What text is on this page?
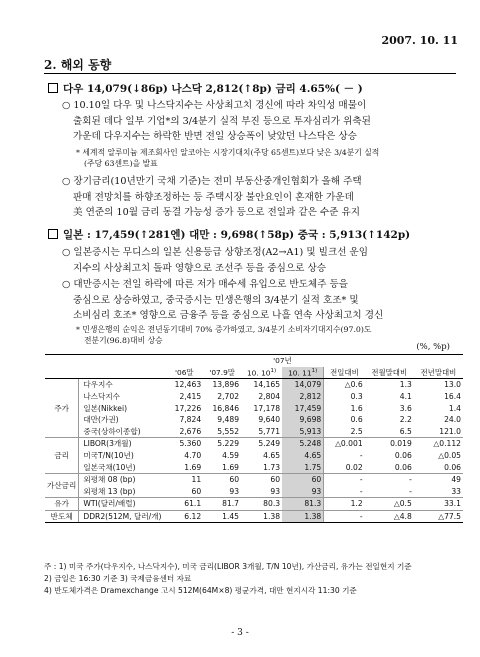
2007. 10. 11
2. 해외 동향
다우 14,079(↓86p) 나스닥 2,812(↑8p) 금리 4.65%( － )
○ 10.10일 다우 및 나스닥지수는 사상최고치 경신에 따라 차익성 매물이
출회된 데다 일부 기업*의 3/4분기 실적 부진 등으로 투자심리가 위축된
가운데 다우지수는 하락한 반면 전일 상승폭이 낮았던 나스닥은 상승
* 세계적 알루미늄 제조회사인 알코아는 시장기대치(주당 65센트)보다 낮은 3/4분기 실적
(주당 63센트)을 발표
○ 장기금리(10년만기 국채 기준)는 전미 부동산중개인협회가 올해 주택
판매 전망치를 하향조정하는 등 주택시장 불안요인이 혼재한 가운데
美 연준의 10월 금리 동결 가능성 증가 등으로 전일과 같은 수준 유지
일본 : 17,459(↑281엔) 대만 : 9,698(↑58p) 중국 : 5,913(↑142p)
○ 일본증시는 무디스의 일본 신용등급 상향조정(A2→A1) 및 빌크선 운임
지수의 사상최고치 돌파 영향으로 조선주 등을 중심으로 상승
○ 대만증시는 전일 하락에 따른 저가 매수세 유입으로 반도체주 등을
중심으로 상승하였고, 중국증시는 민생은행의 3/4분기 실적 호조* 및
소비심리 호조* 영향으로 금융주 등을 중심으로 나흘 연속 사상최고치 경신
* 민생은행의 순익은 전년동기대비 70% 증가하였고, 3/4분기 소비자기대지수(97.0)도
전분기(96.8)대비 상승
(%, %p)
				'07년				
		'06말	'07.9말	10. 10$^{1)}$	10. 11$^{1)}$	전일대비	전월말대비	전년말대비
주가	다우지수	12,463	13,896	14,165	14,079	△0.6	1.3	13.0
	나스닥지수	2,415	2,702	2,804	2,812	0.3	4.1	16.4
	일본(Nikkei)	17,226	16,846	17,178	17,459	1.6	3.6	1.4
	대만(가권)	7,824	9,489	9,640	9,698	0.6	2.2	24.0
	중국(상하이종합)	2,676	5,552	5,771	5,913	2.5	6.5	121.0
금리	LIBOR(3개월)	5.360	5.229	5.249	5.248	△0.001	0.019	△0.112
	미국T/N(10년)	4.70	4.59	4.65	4.65	-	0.06	△0.05
	일본국채(10년)	1.69	1.69	1.73	1.75	0.02	0.06	0.06
가산금리	외평채 08 (bp)	11	60	60	60	-	-	49
	외평채 13 (bp)	60	93	93	93	-	-	33
유가	WTI(달러/배럴)	61.1	81.7	80.3	81.3	1.2	△0.5	33.1
반도체	DDR2(512M, 달러/개)	6.12	1.45	1.38	1.38	-	△4.8	△77.5
주 : 1) 미국 주가(다우지수, 나스닥지수), 미국 금리(LIBOR 3개월, T/N 10년), 가산금리, 유가는 전일현지 기준
2) 금일은 16:30 기준 3) 국제금융센터 자료
4) 반도체가격은 Dramexchange 고시 512M(64M×8) 평균가격, 대만 현지시각 11:30 기준
- 3 -
